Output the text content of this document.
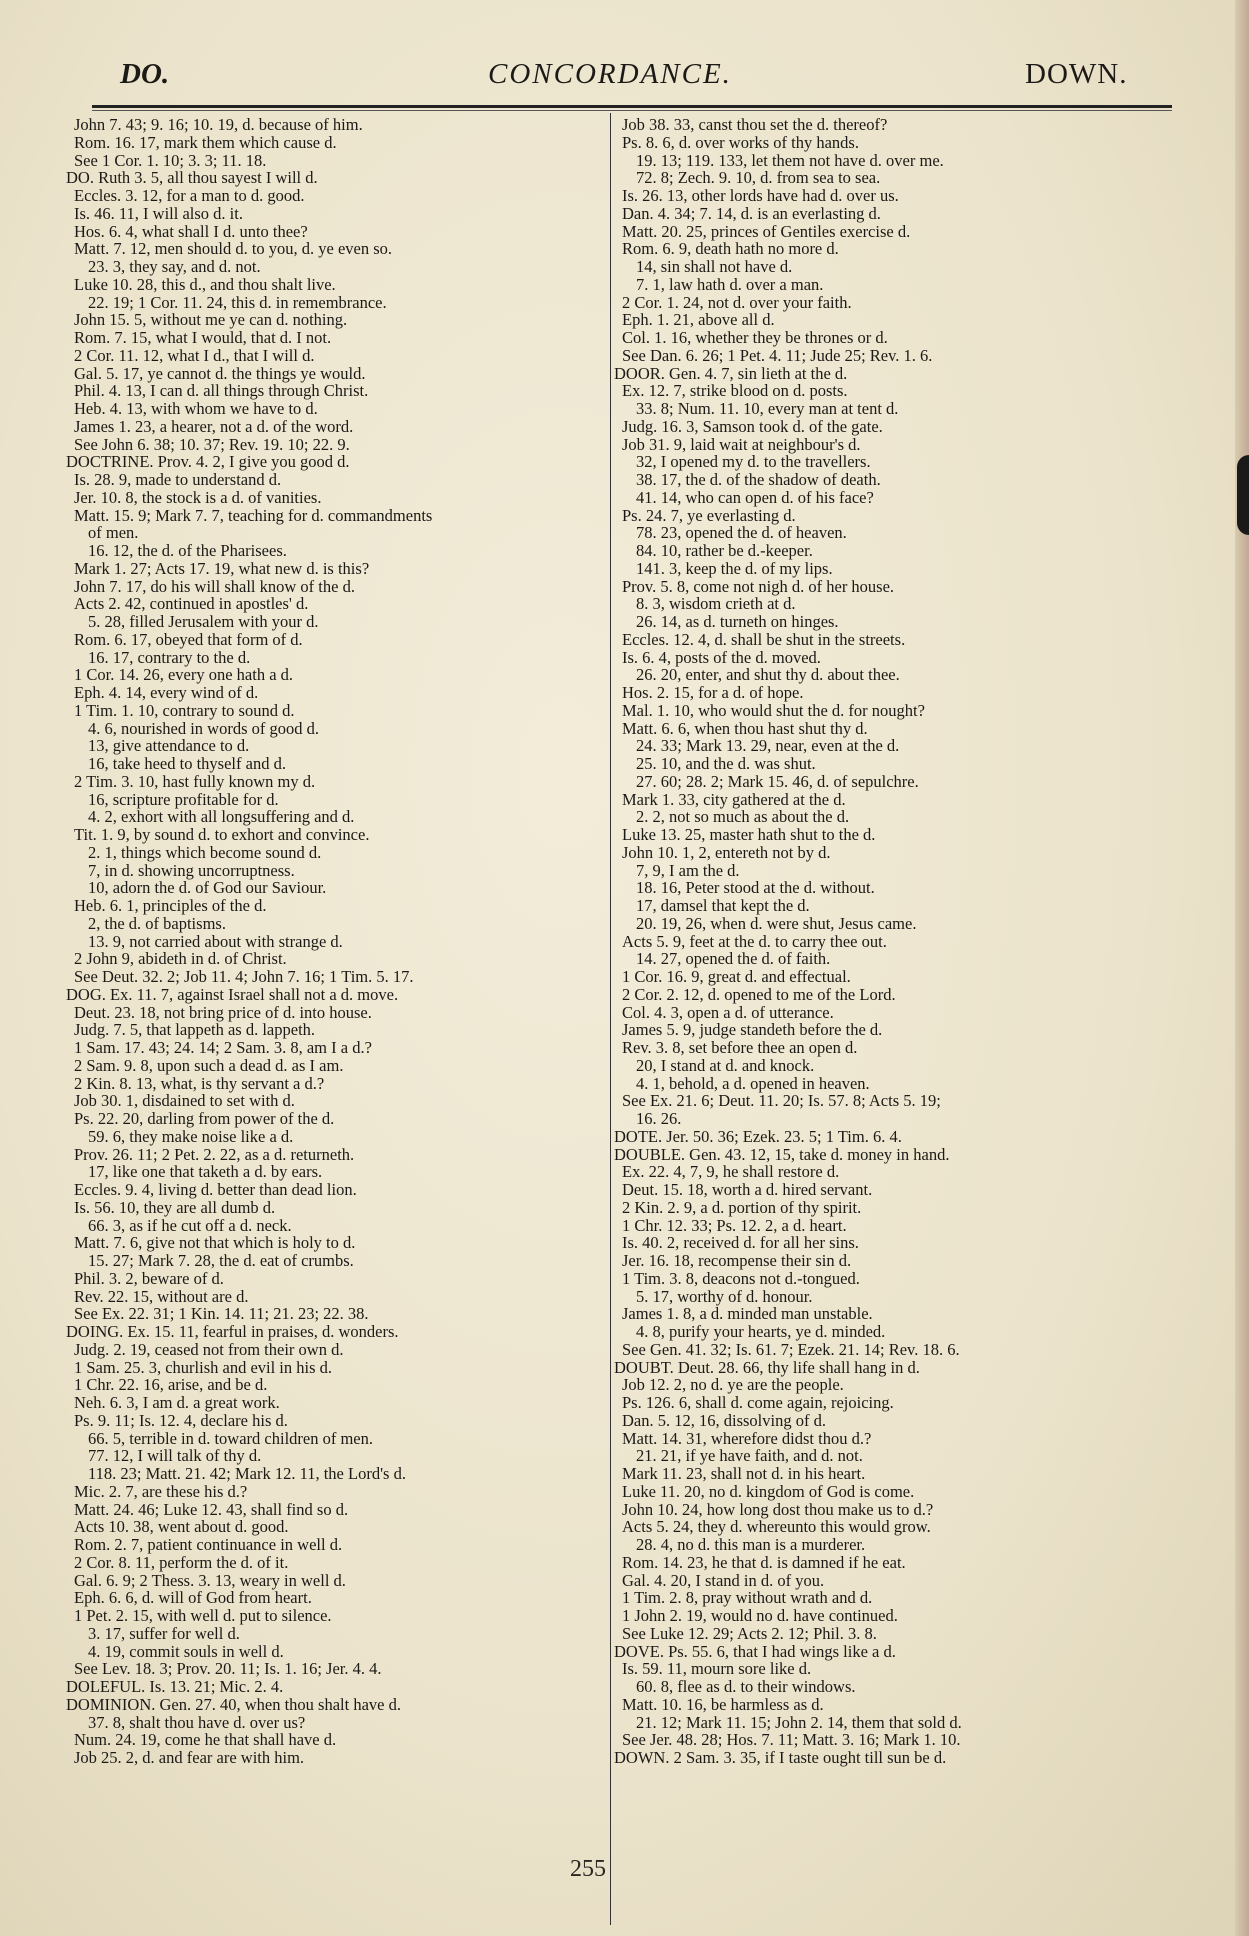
DO.	CONCORDANCE.	DOWN.
John 7. 43; 9. 16; 10. 19, d. because of him.
Rom. 16. 17, mark them which cause d.
See 1 Cor. 1. 10; 3. 3; 11. 18.
DO. Ruth 3. 5, all thou sayest I will d.
Eccles. 3. 12, for a man to d. good.
Is. 46. 11, I will also d. it.
Hos. 6. 4, what shall I d. unto thee?
Matt. 7. 12, men should d. to you, d. ye even so.
23. 3, they say, and d. not.
Luke 10. 28, this d., and thou shalt live.
22. 19; 1 Cor. 11. 24, this d. in remembrance.
John 15. 5, without me ye can d. nothing.
Rom. 7. 15, what I would, that d. I not.
2 Cor. 11. 12, what I d., that I will d.
Gal. 5. 17, ye cannot d. the things ye would.
Phil. 4. 13, I can d. all things through Christ.
Heb. 4. 13, with whom we have to d.
James 1. 23, a hearer, not a d. of the word.
See John 6. 38; 10. 37; Rev. 19. 10; 22. 9.
DOCTRINE. Prov. 4. 2, I give you good d.
Is. 28. 9, made to understand d.
Jer. 10. 8, the stock is a d. of vanities.
Matt. 15. 9; Mark 7. 7, teaching for d. commandments
of men.
16. 12, the d. of the Pharisees.
Mark 1. 27; Acts 17. 19, what new d. is this?
John 7. 17, do his will shall know of the d.
Acts 2. 42, continued in apostles' d.
5. 28, filled Jerusalem with your d.
Rom. 6. 17, obeyed that form of d.
16. 17, contrary to the d.
1 Cor. 14. 26, every one hath a d.
Eph. 4. 14, every wind of d.
1 Tim. 1. 10, contrary to sound d.
4. 6, nourished in words of good d.
13, give attendance to d.
16, take heed to thyself and d.
2 Tim. 3. 10, hast fully known my d.
16, scripture profitable for d.
4. 2, exhort with all longsuffering and d.
Tit. 1. 9, by sound d. to exhort and convince.
2. 1, things which become sound d.
7, in d. showing uncorruptness.
10, adorn the d. of God our Saviour.
Heb. 6. 1, principles of the d.
2, the d. of baptisms.
13. 9, not carried about with strange d.
2 John 9, abideth in d. of Christ.
See Deut. 32. 2; Job 11. 4; John 7. 16; 1 Tim. 5. 17.
DOG. Ex. 11. 7, against Israel shall not a d. move.
Deut. 23. 18, not bring price of d. into house.
Judg. 7. 5, that lappeth as d. lappeth.
1 Sam. 17. 43; 24. 14; 2 Sam. 3. 8, am I a d.?
2 Sam. 9. 8, upon such a dead d. as I am.
2 Kin. 8. 13, what, is thy servant a d.?
Job 30. 1, disdained to set with d.
Ps. 22. 20, darling from power of the d.
59. 6, they make noise like a d.
Prov. 26. 11; 2 Pet. 2. 22, as a d. returneth.
17, like one that taketh a d. by ears.
Eccles. 9. 4, living d. better than dead lion.
Is. 56. 10, they are all dumb d.
66. 3, as if he cut off a d. neck.
Matt. 7. 6, give not that which is holy to d.
15. 27; Mark 7. 28, the d. eat of crumbs.
Phil. 3. 2, beware of d.
Rev. 22. 15, without are d.
See Ex. 22. 31; 1 Kin. 14. 11; 21. 23; 22. 38.
DOING. Ex. 15. 11, fearful in praises, d. wonders.
Judg. 2. 19, ceased not from their own d.
1 Sam. 25. 3, churlish and evil in his d.
1 Chr. 22. 16, arise, and be d.
Neh. 6. 3, I am d. a great work.
Ps. 9. 11; Is. 12. 4, declare his d.
66. 5, terrible in d. toward children of men.
77. 12, I will talk of thy d.
118. 23; Matt. 21. 42; Mark 12. 11, the Lord's d.
Mic. 2. 7, are these his d.?
Matt. 24. 46; Luke 12. 43, shall find so d.
Acts 10. 38, went about d. good.
Rom. 2. 7, patient continuance in well d.
2 Cor. 8. 11, perform the d. of it.
Gal. 6. 9; 2 Thess. 3. 13, weary in well d.
Eph. 6. 6, d. will of God from heart.
1 Pet. 2. 15, with well d. put to silence.
3. 17, suffer for well d.
4. 19, commit souls in well d.
See Lev. 18. 3; Prov. 20. 11; Is. 1. 16; Jer. 4. 4.
DOLEFUL. Is. 13. 21; Mic. 2. 4.
DOMINION. Gen. 27. 40, when thou shalt have d.
37. 8, shalt thou have d. over us?
Num. 24. 19, come he that shall have d.
Job 25. 2, d. and fear are with him.
Job 38. 33, canst thou set the d. thereof?
Ps. 8. 6, d. over works of thy hands.
19. 13; 119. 133, let them not have d. over me.
72. 8; Zech. 9. 10, d. from sea to sea.
Is. 26. 13, other lords have had d. over us.
Dan. 4. 34; 7. 14, d. is an everlasting d.
Matt. 20. 25, princes of Gentiles exercise d.
Rom. 6. 9, death hath no more d.
14, sin shall not have d.
7. 1, law hath d. over a man.
2 Cor. 1. 24, not d. over your faith.
Eph. 1. 21, above all d.
Col. 1. 16, whether they be thrones or d.
See Dan. 6. 26; 1 Pet. 4. 11; Jude 25; Rev. 1. 6.
DOOR. Gen. 4. 7, sin lieth at the d.
Ex. 12. 7, strike blood on d. posts.
33. 8; Num. 11. 10, every man at tent d.
Judg. 16. 3, Samson took d. of the gate.
Job 31. 9, laid wait at neighbour's d.
32, I opened my d. to the travellers.
38. 17, the d. of the shadow of death.
41. 14, who can open d. of his face?
Ps. 24. 7, ye everlasting d.
78. 23, opened the d. of heaven.
84. 10, rather be d.-keeper.
141. 3, keep the d. of my lips.
Prov. 5. 8, come not nigh d. of her house.
8. 3, wisdom crieth at d.
26. 14, as d. turneth on hinges.
Eccles. 12. 4, d. shall be shut in the streets.
Is. 6. 4, posts of the d. moved.
26. 20, enter, and shut thy d. about thee.
Hos. 2. 15, for a d. of hope.
Mal. 1. 10, who would shut the d. for nought?
Matt. 6. 6, when thou hast shut thy d.
24. 33; Mark 13. 29, near, even at the d.
25. 10, and the d. was shut.
27. 60; 28. 2; Mark 15. 46, d. of sepulchre.
Mark 1. 33, city gathered at the d.
2. 2, not so much as about the d.
Luke 13. 25, master hath shut to the d.
John 10. 1, 2, entereth not by d.
7, 9, I am the d.
18. 16, Peter stood at the d. without.
17, damsel that kept the d.
20. 19, 26, when d. were shut, Jesus came.
Acts 5. 9, feet at the d. to carry thee out.
14. 27, opened the d. of faith.
1 Cor. 16. 9, great d. and effectual.
2 Cor. 2. 12, d. opened to me of the Lord.
Col. 4. 3, open a d. of utterance.
James 5. 9, judge standeth before the d.
Rev. 3. 8, set before thee an open d.
20, I stand at d. and knock.
4. 1, behold, a d. opened in heaven.
See Ex. 21. 6; Deut. 11. 20; Is. 57. 8; Acts 5. 19;
16. 26.
DOTE. Jer. 50. 36; Ezek. 23. 5; 1 Tim. 6. 4.
DOUBLE. Gen. 43. 12, 15, take d. money in hand.
Ex. 22. 4, 7, 9, he shall restore d.
Deut. 15. 18, worth a d. hired servant.
2 Kin. 2. 9, a d. portion of thy spirit.
1 Chr. 12. 33; Ps. 12. 2, a d. heart.
Is. 40. 2, received d. for all her sins.
Jer. 16. 18, recompense their sin d.
1 Tim. 3. 8, deacons not d.-tongued.
5. 17, worthy of d. honour.
James 1. 8, a d. minded man unstable.
4. 8, purify your hearts, ye d. minded.
See Gen. 41. 32; Is. 61. 7; Ezek. 21. 14; Rev. 18. 6.
DOUBT. Deut. 28. 66, thy life shall hang in d.
Job 12. 2, no d. ye are the people.
Ps. 126. 6, shall d. come again, rejoicing.
Dan. 5. 12, 16, dissolving of d.
Matt. 14. 31, wherefore didst thou d.?
21. 21, if ye have faith, and d. not.
Mark 11. 23, shall not d. in his heart.
Luke 11. 20, no d. kingdom of God is come.
John 10. 24, how long dost thou make us to d.?
Acts 5. 24, they d. whereunto this would grow.
28. 4, no d. this man is a murderer.
Rom. 14. 23, he that d. is damned if he eat.
Gal. 4. 20, I stand in d. of you.
1 Tim. 2. 8, pray without wrath and d.
1 John 2. 19, would no d. have continued.
See Luke 12. 29; Acts 2. 12; Phil. 3. 8.
DOVE. Ps. 55. 6, that I had wings like a d.
Is. 59. 11, mourn sore like d.
60. 8, flee as d. to their windows.
Matt. 10. 16, be harmless as d.
21. 12; Mark 11. 15; John 2. 14, them that sold d.
See Jer. 48. 28; Hos. 7. 11; Matt. 3. 16; Mark 1. 10.
DOWN. 2 Sam. 3. 35, if I taste ought till sun be d.
255
